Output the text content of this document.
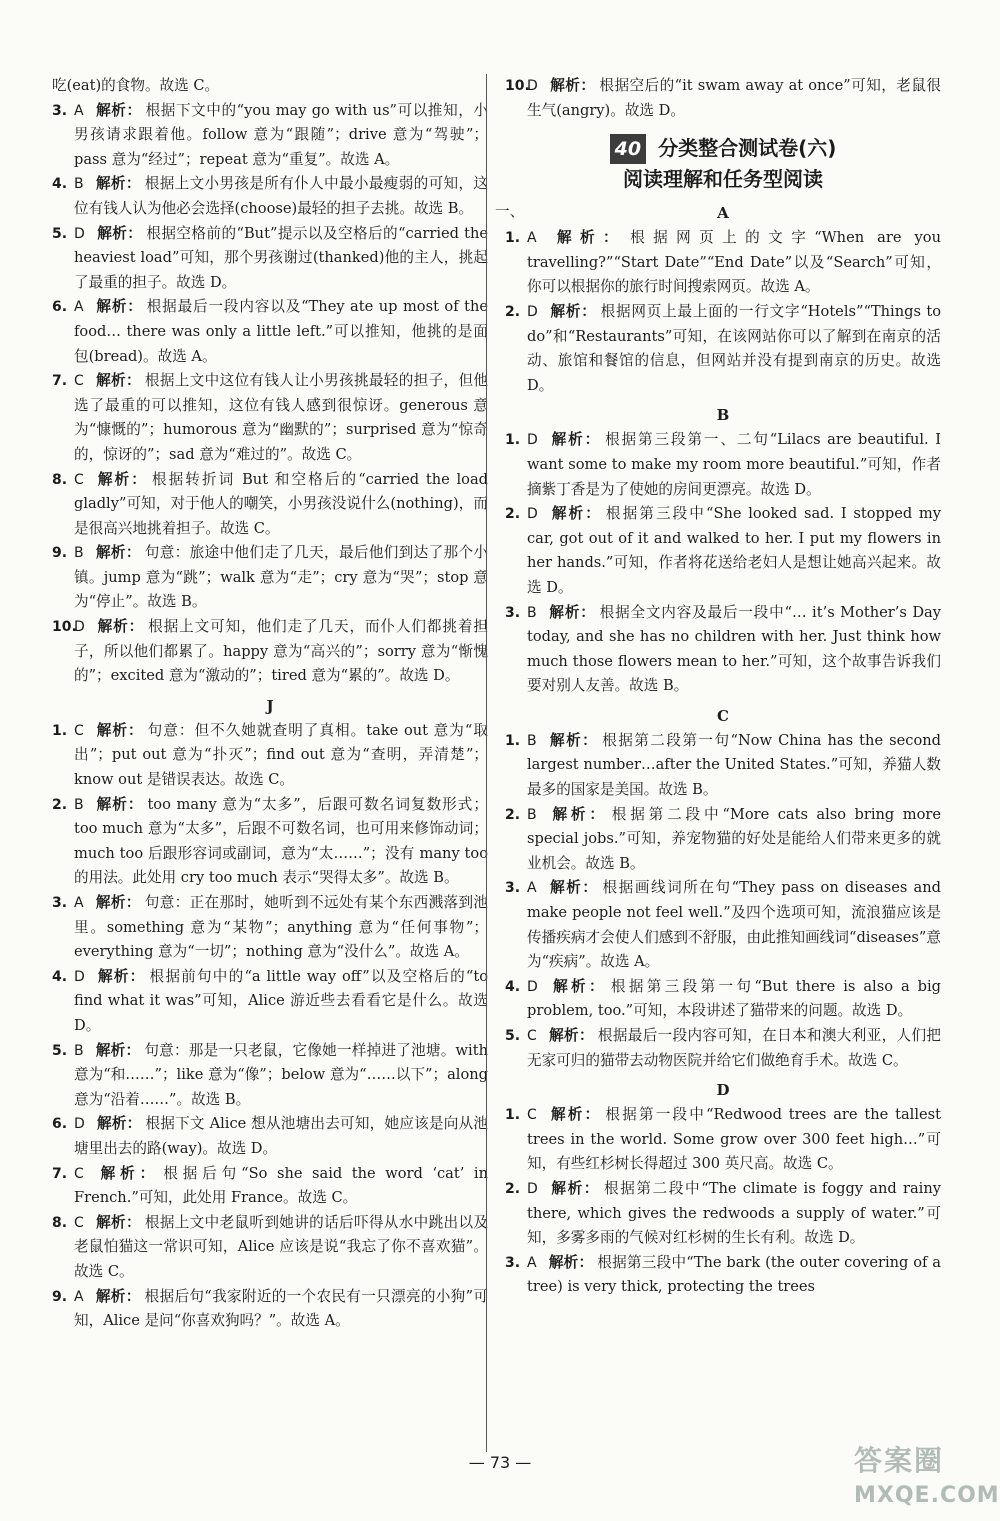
吃(eat)的食物。故选 C。
3. A 解析： 根据下文中的“you may go with us”可以推知，小男孩请求跟着他。follow 意为“跟随”；drive 意为“驾驶”；pass 意为“经过”；repeat 意为“重复”。故选 A。
4. B 解析： 根据上文小男孩是所有仆人中最小最瘦弱的可知，这位有钱人认为他必会选择(choose)最轻的担子去挑。故选 B。
5. D 解析： 根据空格前的“But”提示以及空格后的“carried the heaviest load”可知，那个男孩谢过(thanked)他的主人，挑起了最重的担子。故选 D。
6. A 解析： 根据最后一段内容以及“They ate up most of the food… there was only a little left.”可以推知，他挑的是面包(bread)。故选 A。
7. C 解析： 根据上文中这位有钱人让小男孩挑最轻的担子，但他选了最重的可以推知，这位有钱人感到很惊讶。generous 意为“慷慨的”；humorous 意为“幽默的”；surprised 意为“惊奇的，惊讶的”；sad 意为“难过的”。故选 C。
8. C 解析： 根据转折词 But 和空格后的“carried the load gladly”可知，对于他人的嘲笑，小男孩没说什么(nothing)，而是很高兴地挑着担子。故选 C。
9. B 解析： 句意：旅途中他们走了几天，最后他们到达了那个小镇。jump 意为“跳”；walk 意为“走”；cry 意为“哭”；stop 意为“停止”。故选 B。
10.
D 解析： 根据上文可知，他们走了几天，而仆人们都挑着担子，所以他们都累了。happy 意为“高兴的”；sorry 意为“惭愧的”；excited 意为“激动的”；tired 意为“累的”。故选 D。
J
1. C 解析： 句意：但不久她就查明了真相。take out 意为“取出”；put out 意为“扑灭”；find out 意为“查明，弄清楚”；know out 是错误表达。故选 C。
2. B 解析： too many 意为“太多”，后跟可数名词复数形式；too much 意为“太多”，后跟不可数名词，也可用来修饰动词；much too 后跟形容词或副词，意为“太……”；没有 many too 的用法。此处用 cry too much 表示“哭得太多”。故选 B。
3. A 解析： 句意：正在那时，她听到不远处有某个东西溅落到池里。something 意为“某物”；anything 意为“任何事物”；everything 意为“一切”；nothing 意为“没什么”。故选 A。
4. D 解析： 根据前句中的“a little way off”以及空格后的“to find what it was”可知，Alice 游近些去看看它是什么。故选 D。
5. B 解析： 句意：那是一只老鼠，它像她一样掉进了池塘。with 意为“和……”；like 意为“像”；below 意为“……以下”；along 意为“沿着……”。故选 B。
6. D 解析： 根据下文 Alice 想从池塘出去可知，她应该是向从池塘里出去的路(way)。故选 D。
7. C 解析： 根据后句“So she said the word ‘cat’ in French.”可知，此处用 France。故选 C。
8. C 解析： 根据上文中老鼠听到她讲的话后吓得从水中跳出以及老鼠怕猫这一常识可知，Alice 应该是说“我忘了你不喜欢猫”。故选 C。
9. A 解析： 根据后句“我家附近的一个农民有一只漂亮的小狗”可知，Alice 是问“你喜欢狗吗？”。故选 A。
10.
D 解析： 根据空后的“it swam away at once”可知，老鼠很生气(angry)。故选 D。
40 分类整合测试卷(六)
阅读理解和任务型阅读
一、	A
1. A 解析： 根据网页上的文字“When are you travelling?”“Start Date”“End Date”以及“Search”可知，你可以根据你的旅行时间搜索网页。故选 A。
2. D 解析： 根据网页上最上面的一行文字“Hotels”“Things to do”和“Restaurants”可知，在该网站你可以了解到在南京的活动、旅馆和餐馆的信息，但网站并没有提到南京的历史。故选 D。
B
1. D 解析： 根据第三段第一、二句“Lilacs are beautiful. I want some to make my room more beautiful.”可知，作者摘紫丁香是为了使她的房间更漂亮。故选 D。
2. D 解析： 根据第三段中“She looked sad. I stopped my car, got out of it and walked to her. I put my flowers in her hands.”可知，作者将花送给老妇人是想让她高兴起来。故选 D。
3. B 解析： 根据全文内容及最后一段中“… it’s Mother’s Day today, and she has no children with her. Just think how much those flowers mean to her.”可知，这个故事告诉我们要对别人友善。故选 B。
C
1. B 解析： 根据第二段第一句“Now China has the second largest number…after the United States.”可知，养猫人数最多的国家是美国。故选 B。
2. B 解析： 根据第二段中“More cats also bring more special jobs.”可知，养宠物猫的好处是能给人们带来更多的就业机会。故选 B。
3. A 解析： 根据画线词所在句“They pass on diseases and make people not feel well.”及四个选项可知，流浪猫应该是传播疾病才会使人们感到不舒服，由此推知画线词“diseases”意为“疾病”。故选 A。
4. D 解析： 根据第三段第一句“But there is also a big problem, too.”可知，本段讲述了猫带来的问题。故选 D。
5. C 解析： 根据最后一段内容可知，在日本和澳大利亚，人们把无家可归的猫带去动物医院并给它们做绝育手术。故选 C。
D
1. C 解析： 根据第一段中“Redwood trees are the tallest trees in the world. Some grow over 300 feet high…”可知，有些红杉树长得超过 300 英尺高。故选 C。
2. D 解析： 根据第二段中“The climate is foggy and rainy there, which gives the redwoods a supply of water.”可知，多雾多雨的气候对红杉树的生长有利。故选 D。
3. A 解析： 根据第三段中“The bark (the outer covering of a tree) is very thick, protecting the trees
— 73 —	答案圈
MXQE.COM
